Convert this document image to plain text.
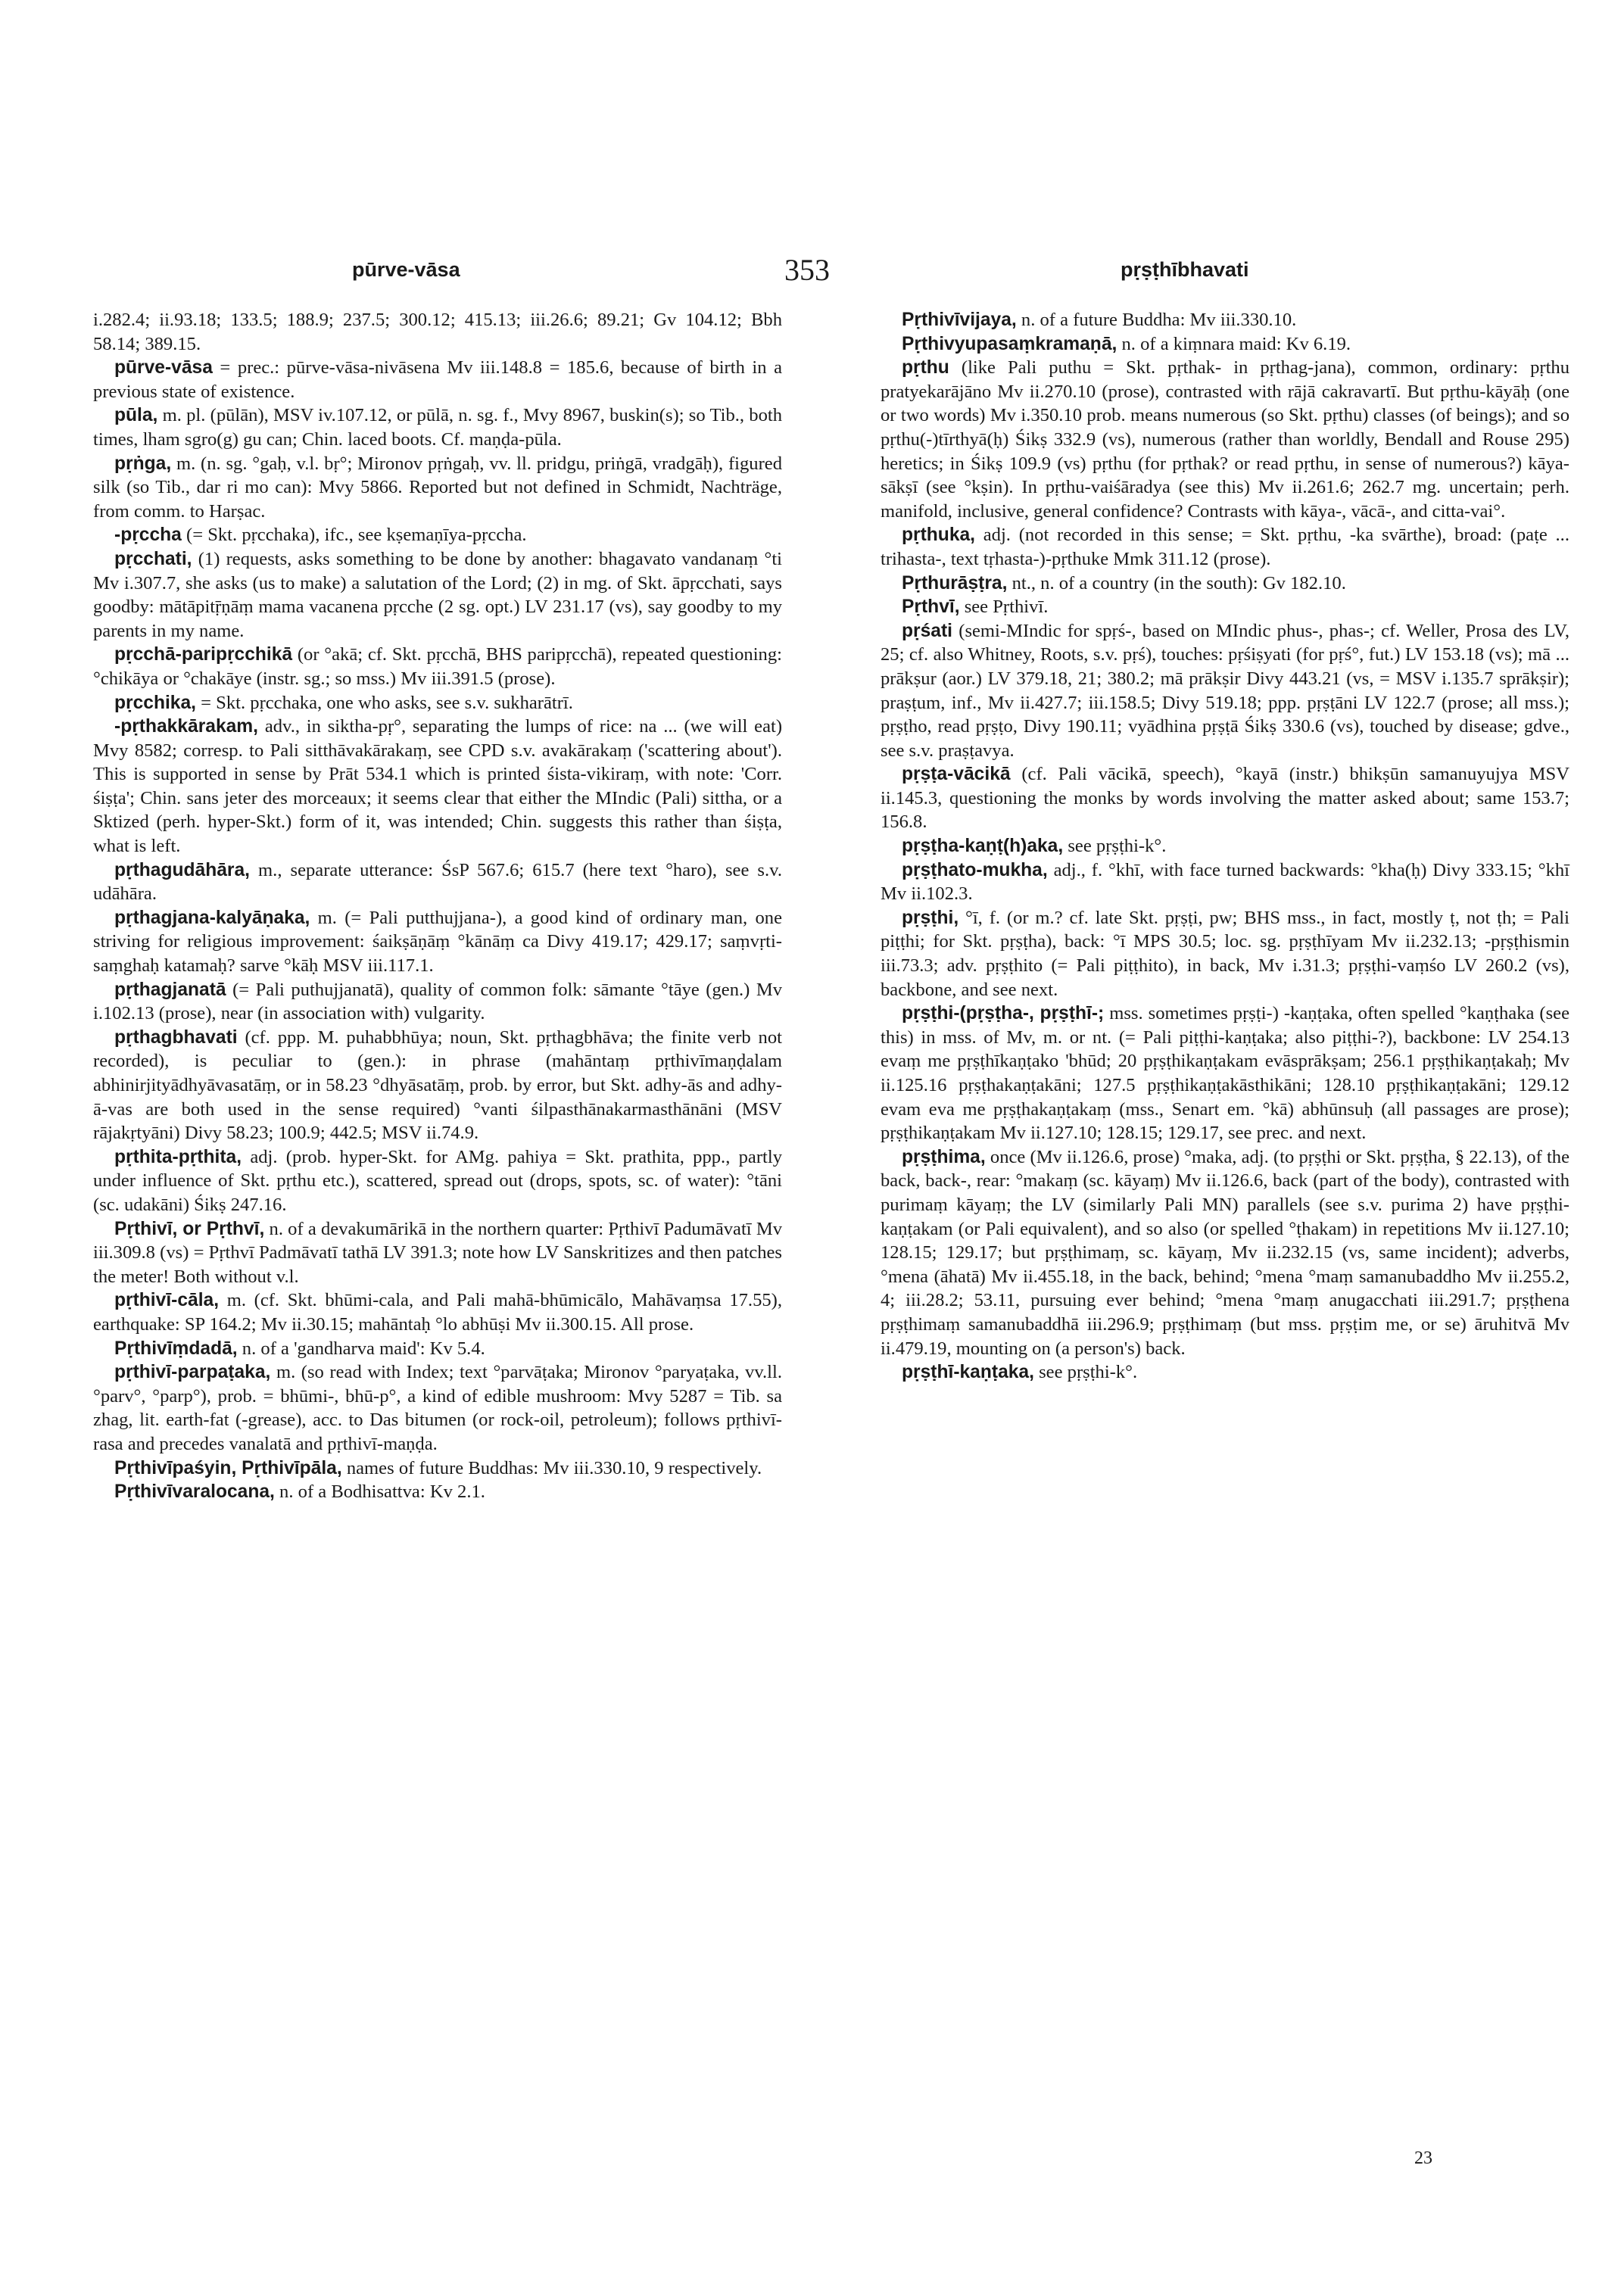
pūrve-vāsa	353	pṛṣṭhībhavati

i.282.4; ii.93.18; 133.5; 188.9; 237.5; 300.12; 415.13; iii.26.6; 89.21; Gv 104.12; Bbh 58.14; 389.15.

pūrve-vāsa = prec.: pūrve-vāsa-nivāsena Mv iii.148.8 = 185.6, because of birth in a previous state of existence.

pūla, m. pl. (pūlān), MSV iv.107.12, or pūlā, n. sg. f., Mvy 8967, buskin(s); so Tib., both times, lham sgro(g) gu can; Chin. laced boots. Cf. maṇḍa-pūla.

pṛṅga, m. (n. sg. °gaḥ, v.l. bṛ°; Mironov pṛṅgaḥ, vv. ll. pridgu, priṅgā, vradgāḥ), figured silk (so Tib., dar ri mo can): Mvy 5866. Reported but not defined in Schmidt, Nachträge, from comm. to Harṣac.

-pṛccha (= Skt. pṛcchaka), ifc., see kṣemaṇīya-pṛccha.

pṛcchati, (1) requests, asks something to be done by another: bhagavato vandanaṃ °ti Mv i.307.7, she asks (us to make) a salutation of the Lord; (2) in mg. of Skt. āpṛcchati, says goodby: mātāpitṝṇāṃ mama vacanena pṛcche (2 sg. opt.) LV 231.17 (vs), say goodby to my parents in my name.

pṛcchā-paripṛcchikā (or °akā; cf. Skt. pṛcchā, BHS paripṛcchā), repeated questioning: °chikāya or °chakāye (instr. sg.; so mss.) Mv iii.391.5 (prose).

pṛcchika, = Skt. pṛcchaka, one who asks, see s.v. sukharātrī.

-pṛthakkārakam, adv., in siktha-pṛ°, separating the lumps of rice: na ... (we will eat) Mvy 8582; corresp. to Pali sitthāvakārakaṃ, see CPD s.v. avakārakaṃ ('scattering about'). This is supported in sense by Prāt 534.1 which is printed śista-vikiraṃ, with note: 'Corr. śiṣṭa'; Chin. sans jeter des morceaux; it seems clear that either the MIndic (Pali) sittha, or a Sktized (perh. hyper-Skt.) form of it, was intended; Chin. suggests this rather than śiṣṭa, what is left.

pṛthagudāhāra, m., separate utterance: ŚsP 567.6; 615.7 (here text °haro), see s.v. udāhāra.

pṛthagjana-kalyāṇaka, m. (= Pali putthujjana-), a good kind of ordinary man, one striving for religious improvement: śaikṣāṇāṃ °kānāṃ ca Divy 419.17; 429.17; saṃvṛti-saṃghaḥ katamaḥ? sarve °kāḥ MSV iii.117.1.

pṛthagjanatā (= Pali puthujjanatā), quality of common folk: sāmante °tāye (gen.) Mv i.102.13 (prose), near (in association with) vulgarity.

pṛthagbhavati (cf. ppp. M. puhabbhūya; noun, Skt. pṛthagbhāva; the finite verb not recorded), is peculiar to (gen.): in phrase (mahāntaṃ pṛthivīmaṇḍalam abhinirjityādhyāvasatāṃ, or in 58.23 °dhyāsatāṃ, prob. by error, but Skt. adhy-ās and adhy-ā-vas are both used in the sense required) °vanti śilpasthānakarmasthānāni (MSV rājakṛtyāni) Divy 58.23; 100.9; 442.5; MSV ii.74.9.

pṛthita-pṛthita, adj. (prob. hyper-Skt. for AMg. pahiya = Skt. prathita, ppp., partly under influence of Skt. pṛthu etc.), scattered, spread out (drops, spots, sc. of water): °tāni (sc. udakāni) Śikṣ 247.16.

Pṛthivī, or Pṛthvī, n. of a devakumārikā in the northern quarter: Pṛthivī Padumāvatī Mv iii.309.8 (vs) = Pṛthvī Padmāvatī tathā LV 391.3; note how LV Sanskritizes and then patches the meter! Both without v.l.

pṛthivī-cāla, m. (cf. Skt. bhūmi-cala, and Pali mahā-bhūmicālo, Mahāvaṃsa 17.55), earthquake: SP 164.2; Mv ii.30.15; mahāntaḥ °lo abhūṣi Mv ii.300.15. All prose.

Pṛthivīṃdadā, n. of a 'gandharva maid': Kv 5.4.

pṛthivī-parpaṭaka, m. (so read with Index; text °parvāṭaka; Mironov °paryaṭaka, vv.ll. °parv°, °parp°), prob. = bhūmi-, bhū-p°, a kind of edible mushroom: Mvy 5287 = Tib. sa zhag, lit. earth-fat (-grease), acc. to Das bitumen (or rock-oil, petroleum); follows pṛthivī-rasa and precedes vanalatā and pṛthivī-maṇḍa.

Pṛthivīpaśyin, Pṛthivīpāla, names of future Buddhas: Mv iii.330.10, 9 respectively.

Pṛthivīvaralocana, n. of a Bodhisattva: Kv 2.1.

Pṛthivīvijaya, n. of a future Buddha: Mv iii.330.10.

Pṛthivyupasaṃkramaṇā, n. of a kiṃnara maid: Kv 6.19.

pṛthu (like Pali puthu = Skt. pṛthak- in pṛthag-jana), common, ordinary: pṛthu pratyekarājāno Mv ii.270.10 (prose), contrasted with rājā cakravartī. But pṛthu-kāyāḥ (one or two words) Mv i.350.10 prob. means numerous (so Skt. pṛthu) classes (of beings); and so pṛthu(-)tīrthyā(ḥ) Śikṣ 332.9 (vs), numerous (rather than worldly, Bendall and Rouse 295) heretics; in Śikṣ 109.9 (vs) pṛthu (for pṛthak? or read pṛthu, in sense of numerous?) kāya-sākṣī (see °kṣin). In pṛthu-vaiśāradya (see this) Mv ii.261.6; 262.7 mg. uncertain; perh. manifold, inclusive, general confidence? Contrasts with kāya-, vācā-, and citta-vai°.

pṛthuka, adj. (not recorded in this sense; = Skt. pṛthu, -ka svārthe), broad: (paṭe ... trihasta-, text tṛhasta-)-pṛthuke Mmk 311.12 (prose).

Pṛthurāṣṭra, nt., n. of a country (in the south): Gv 182.10.

Pṛthvī, see Pṛthivī.

pṛśati (semi-MIndic for spṛś-, based on MIndic phus-, phas-; cf. Weller, Prosa des LV, 25; cf. also Whitney, Roots, s.v. pṛś), touches: pṛśiṣyati (for pṛś°, fut.) LV 153.18 (vs); mā ... prākṣur (aor.) LV 379.18, 21; 380.2; mā prākṣir Divy 443.21 (vs, = MSV i.135.7 sprākṣir); praṣṭum, inf., Mv ii.427.7; iii.158.5; Divy 519.18; ppp. pṛṣṭāni LV 122.7 (prose; all mss.); pṛṣṭho, read pṛṣṭo, Divy 190.11; vyādhina pṛṣṭā Śikṣ 330.6 (vs), touched by disease; gdve., see s.v. praṣṭavya.

pṛṣṭa-vācikā (cf. Pali vācikā, speech), °kayā (instr.) bhikṣūn samanuyujya MSV ii.145.3, questioning the monks by words involving the matter asked about; same 153.7; 156.8.

pṛṣṭha-kaṇṭ(h)aka, see pṛṣṭhi-k°.

pṛṣṭhato-mukha, adj., f. °khī, with face turned backwards: °kha(ḥ) Divy 333.15; °khī Mv ii.102.3.

pṛṣṭhi, °ī, f. (or m.? cf. late Skt. pṛṣṭi, pw; BHS mss., in fact, mostly ṭ, not ṭh; = Pali piṭṭhi; for Skt. pṛṣṭha), back: °ī MPS 30.5; loc. sg. pṛṣṭhīyam Mv ii.232.13; -pṛṣṭhismin iii.73.3; adv. pṛṣṭhito (= Pali piṭṭhito), in back, Mv i.31.3; pṛṣṭhi-vaṃśo LV 260.2 (vs), backbone, and see next.

pṛṣṭhi-(pṛṣṭha-, pṛṣṭhī-; mss. sometimes pṛṣṭi-) -kaṇṭaka, often spelled °kaṇṭhaka (see this) in mss. of Mv, m. or nt. (= Pali piṭṭhi-kaṇṭaka; also piṭṭhi-?), backbone: LV 254.13 evaṃ me pṛṣṭhīkaṇṭako 'bhūd; 20 pṛṣṭhikaṇṭakam evāsprākṣam; 256.1 pṛṣṭhikaṇṭakaḥ; Mv ii.125.16 pṛṣṭhakaṇṭakāni; 127.5 pṛṣṭhikaṇṭakāsthikāni; 128.10 pṛṣṭhikaṇṭakāni; 129.12 evam eva me pṛṣṭhakaṇṭakaṃ (mss., Senart em. °kā) abhūnsuḥ (all passages are prose); pṛṣṭhikaṇṭakam Mv ii.127.10; 128.15; 129.17, see prec. and next.

pṛṣṭhima, once (Mv ii.126.6, prose) °maka, adj. (to pṛṣṭhi or Skt. pṛṣṭha, § 22.13), of the back, back-, rear: °makaṃ (sc. kāyaṃ) Mv ii.126.6, back (part of the body), contrasted with purimaṃ kāyaṃ; the LV (similarly Pali MN) parallels (see s.v. purima 2) have pṛṣṭhi-kaṇṭakam (or Pali equivalent), and so also (or spelled °ṭhakam) in repetitions Mv ii.127.10; 128.15; 129.17; but pṛṣṭhimaṃ, sc. kāyaṃ, Mv ii.232.15 (vs, same incident); adverbs, °mena (āhatā) Mv ii.455.18, in the back, behind; °mena °maṃ samanubaddho Mv ii.255.2, 4; iii.28.2; 53.11, pursuing ever behind; °mena °maṃ anugacchati iii.291.7; pṛṣṭhena pṛṣṭhimaṃ samanubaddhā iii.296.9; pṛṣṭhimaṃ (but mss. pṛṣṭim me, or se) āruhitvā Mv ii.479.19, mounting on (a person's) back.

pṛṣṭhī-kaṇṭaka, see pṛṣṭhi-k°.

23
